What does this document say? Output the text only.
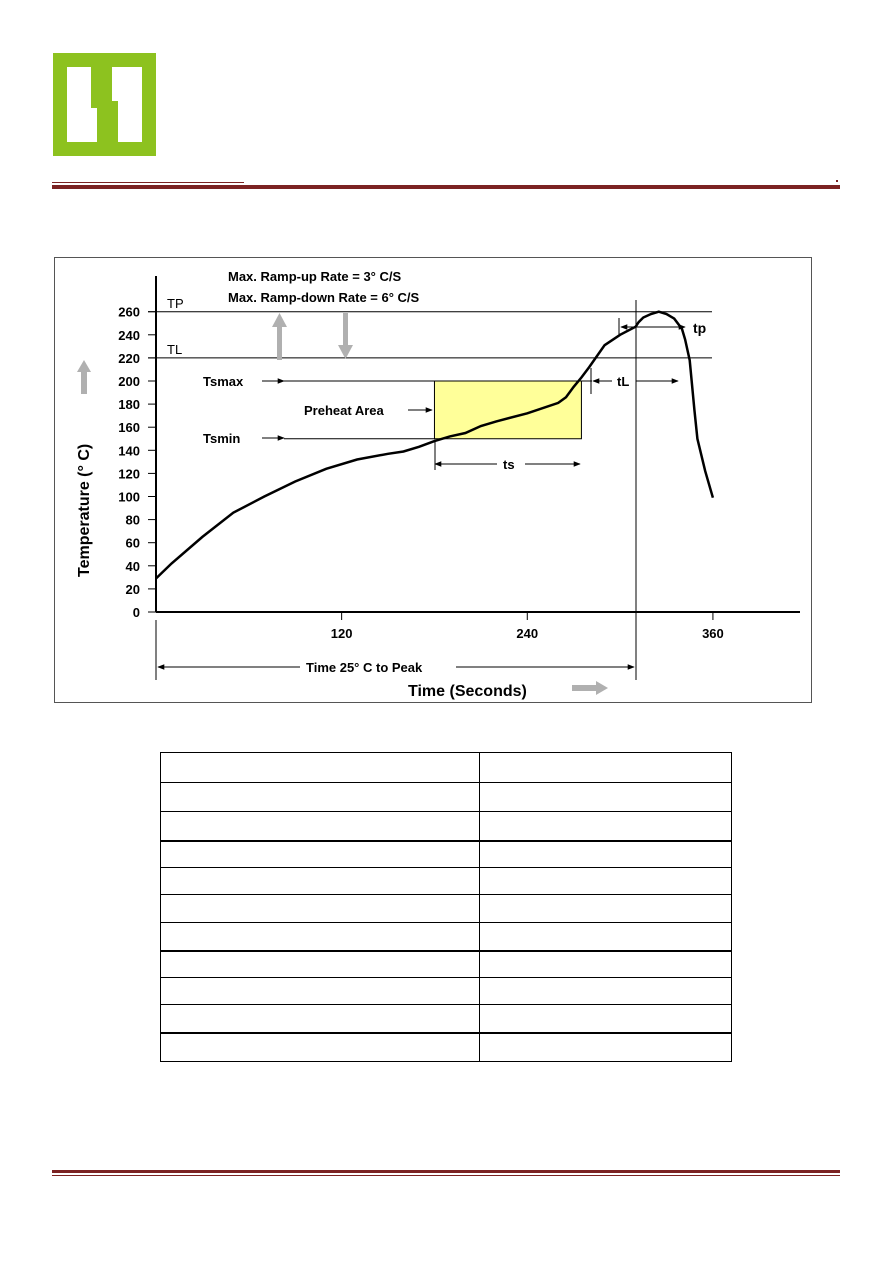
0
20
40
60
80
100
120
140
160
180
200
220
240
260
120	240	360
Max. Ramp-up Rate = 3° C/S
Max. Ramp-down Rate = 6° C/S
TP
TL
Tsmax
Tsmin
Preheat Area
ts
tL
tp
Time 25° C to Peak
Time (Seconds)
Temperature (° C)
